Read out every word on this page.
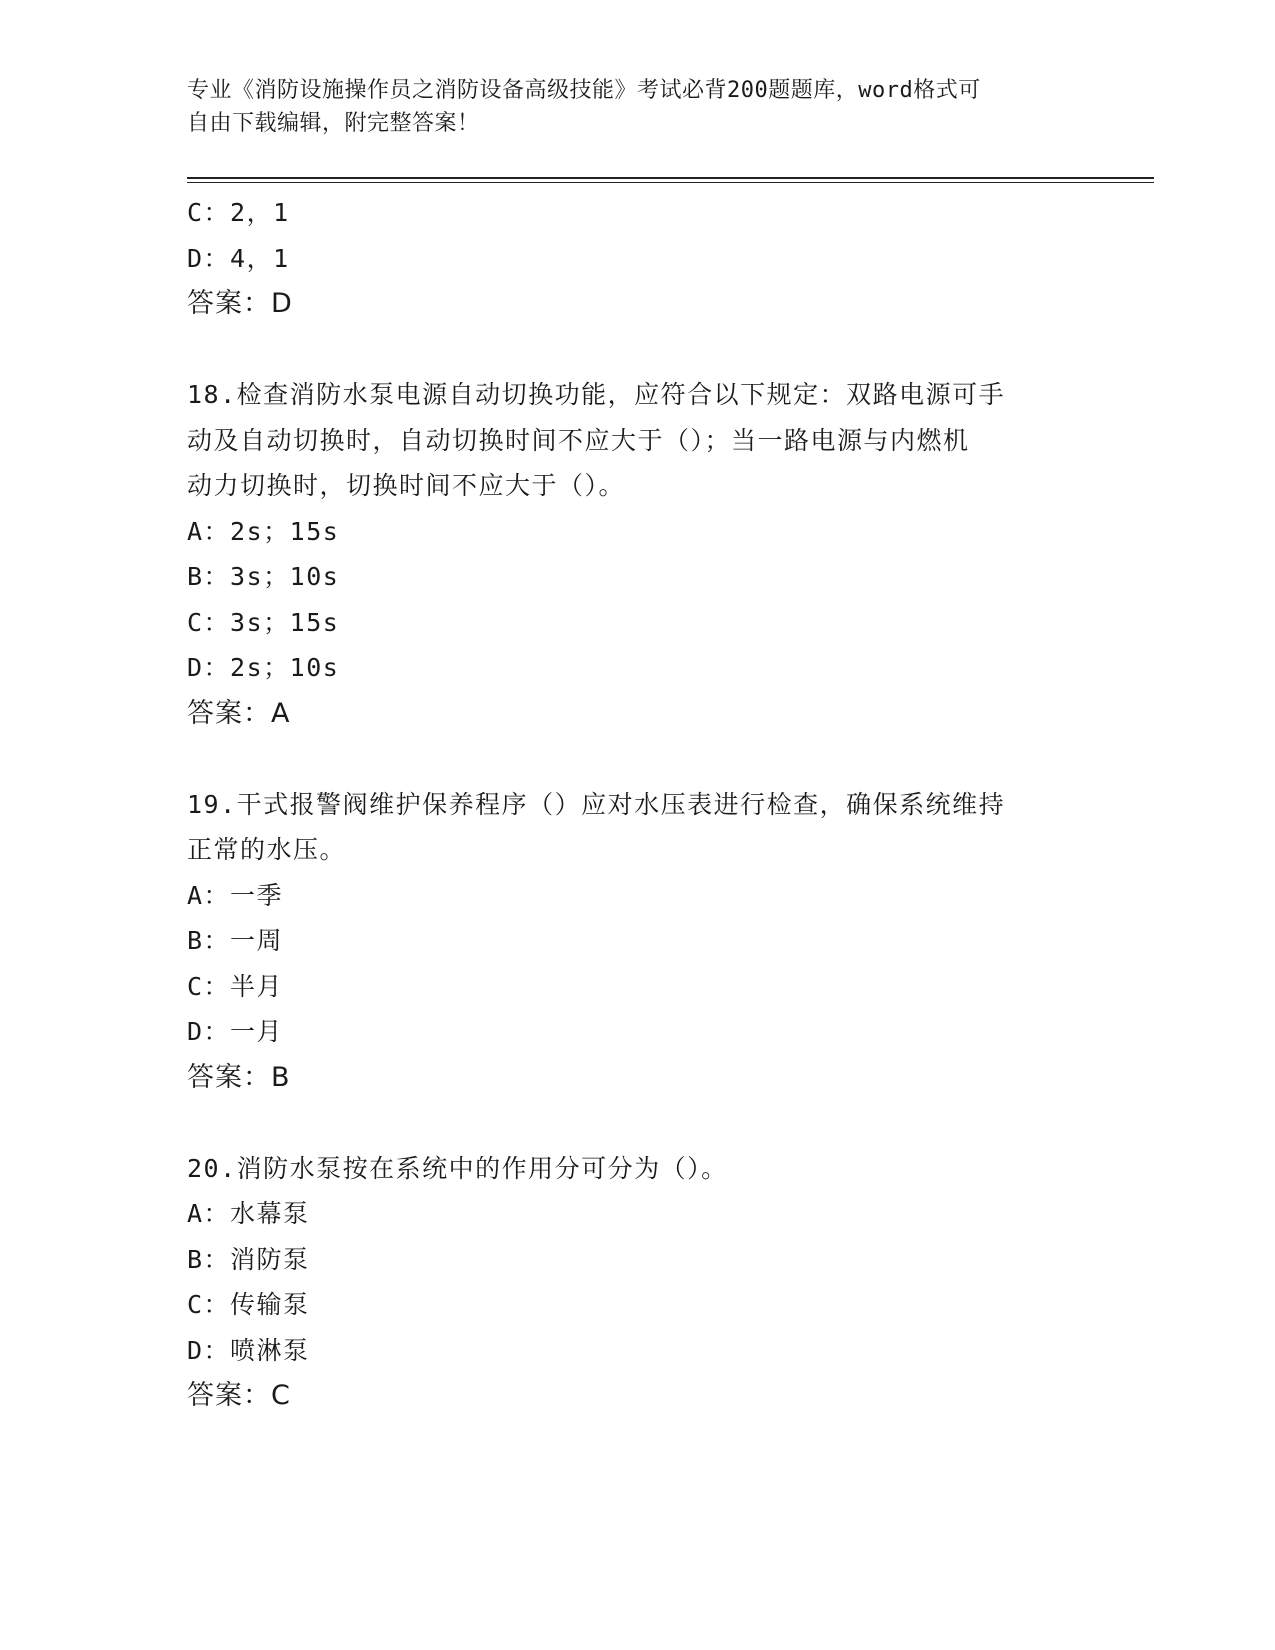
专业《消防设施操作员之消防设备高级技能》考试必背200题题库，word格式可
自由下载编辑，附完整答案！
C：2，1
D：4，1
答案：D
18.检查消防水泵电源自动切换功能，应符合以下规定：双路电源可手
动及自动切换时，自动切换时间不应大于（）；当一路电源与内燃机
动力切换时，切换时间不应大于（）。
A：2s；15s
B：3s；10s
C：3s；15s
D：2s；10s
答案：A
19.干式报警阀维护保养程序（）应对水压表进行检查，确保系统维持
正常的水压。
A：一季
B：一周
C：半月
D：一月
答案：B
20.消防水泵按在系统中的作用分可分为（）。
A：水幕泵
B：消防泵
C：传输泵
D：喷淋泵
答案：C
